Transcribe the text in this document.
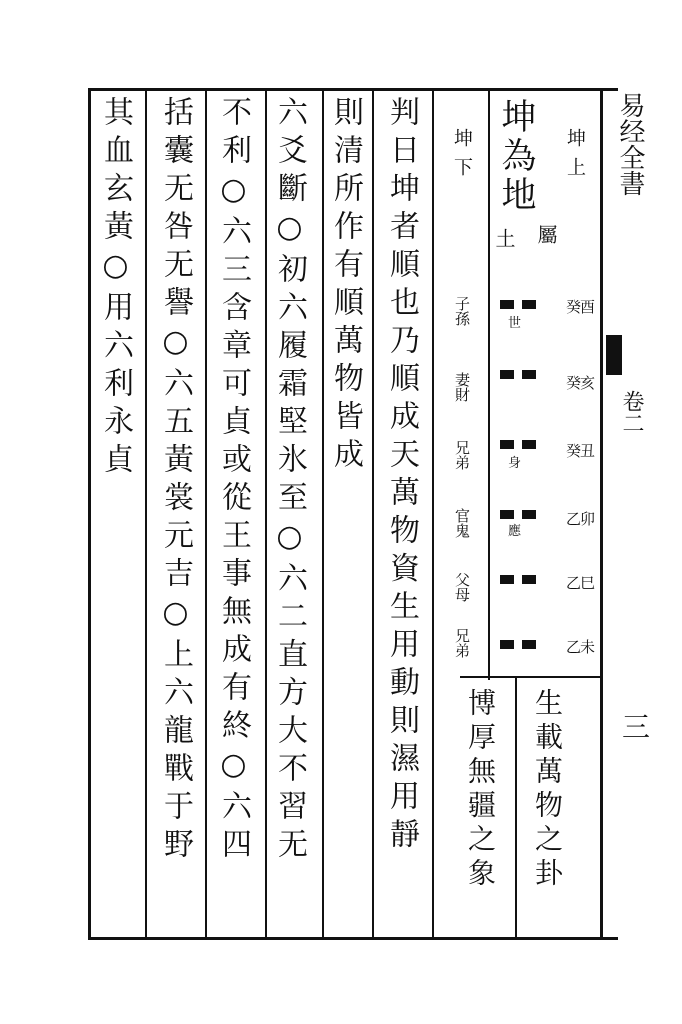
易经全書
卷二
三
坤為地
土 屬
坤上
坤下
世
身
應
癸
酉
癸
亥
癸
丑
乙
卯
乙
巳
乙
未
子孫
妻財
兄弟
官鬼
父母
兄弟
生載萬物之卦
博厚無疆之象
判日坤者順也乃順成天萬物資生用動則濕用靜
則清所作有順萬物皆成
六爻斷○初六履霜堅氷至○六二直方大不習无
不利○六三含章可貞或從王事無成有終○六四
括囊无咎无譽○六五黃裳元吉○上六龍戰于野
其血玄黃○用六利永貞
